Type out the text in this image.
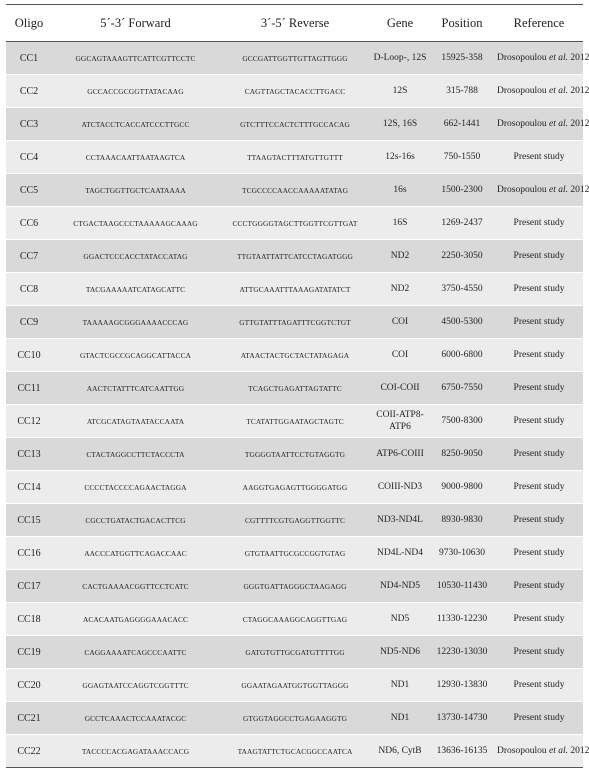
Oligo	5´-3´ Forward	3´-5´ Reverse	Gene	Position	Reference
CC1	GGCAGTAAAGTTCATTCGTTCCTC	GCCGATTGGTTGTTAGTTGGG	D-Loop-, 12S	15925-358	Drosopoulou et al. 2012
CC2	GCCACCGCGGTTATACAAG	CAGTTAGCTACACCTTGACC	12S	315-788	Drosopoulou et al. 2012
CC3	ATCTACCTCACCATCCCTTGCC	GTCTTTCCACTCTTTGCCACAG	12S, 16S	662-1441	Drosopoulou et al. 2012
CC4	CCTAAACAATTAATAAGTCA	TTAAGTACTTTATGTTGTTT	12s-16s	750-1550	Present study
CC5	TAGCTGGTTGCTCAATAAAA	TCGCCCCAACCAAAAATATAG	16s	1500-2300	Drosopoulou et al. 2012
CC6	CTGACTAAGCCCTAAAAAGCAAAG	CCCTGGGGTAGCTTGGTTCGTTGAT	16S	1269-2437	Present study
CC7	GGACTCCCACCTATACCATAG	TTGTAATTATTCATCCTAGATGGG	ND2	2250-3050	Present study
CC8	TACGAAAAATCATAGCATTC	ATTGCAAATTTAAAGATATATCT	ND2	3750-4550	Present study
CC9	TAAAAAGCGGGAAAACCCAG	GTTGTATTTAGATTTCGGTCTGT	COI	4500-5300	Present study
CC10	GTACTCGCCGCAGGCATTACCA	ATAACTACTGCTACTATAGAGA	COI	6000-6800	Present study
CC11	AACTCTATTTCATCAATTGG	TCAGCTGAGATTAGTATTC	COI-COII	6750-7550	Present study
CC12	ATCGCATAGTAATACCAATA	TCATATTGGAATAGCTAGTC	COII-ATP8-ATP6	7500-8300	Present study
CC13	CTACTAGGCCTTCTACCCTA	TGGGGTAATTCCTGTAGGTG	ATP6-COIII	8250-9050	Present study
CC14	CCCCTACCCCAGAACTAGGA	AAGGTGAGAGTTGGGGATGG	COIII-ND3	9000-9800	Present study
CC15	CGCCTGATACTGACACTTCG	CGTTTTCGTGAGGTTGGTTC	ND3-ND4L	8930-9830	Present study
CC16	AACCCATGGTTCAGACCAAC	GTGTAATTGCGCCGGTGTAG	ND4L-ND4	9730-10630	Present study
CC17	CACTGAAAACGGTTCCTCATC	GGGTGATTAGGGCTAAGAGG	ND4-ND5	10530-11430	Present study
CC18	ACACAATGAGGGGAAACACC	CTAGGCAAAGGCAGGTTGAG	ND5	11330-12230	Present study
CC19	CAGGAAAATCAGCCCAATTC	GATGTGTTGCGATGTTTTGG	ND5-ND6	12230-13030	Present study
CC20	GGAGTAATCCAGGTCGGTTTC	GGAATAGAATGGTGGTTAGGG	ND1	12930-13830	Present study
CC21	GCCTCAAACTCCAAATACGC	GTGGTAGGCCTGAGAAGGTG	ND1	13730-14730	Present study
CC22	TACCCCACGAGATAAACCACG	TAAGTATTCTGCACGGCCAATCA	ND6, CytB	13636-16135	Drosopoulou et al. 2012
